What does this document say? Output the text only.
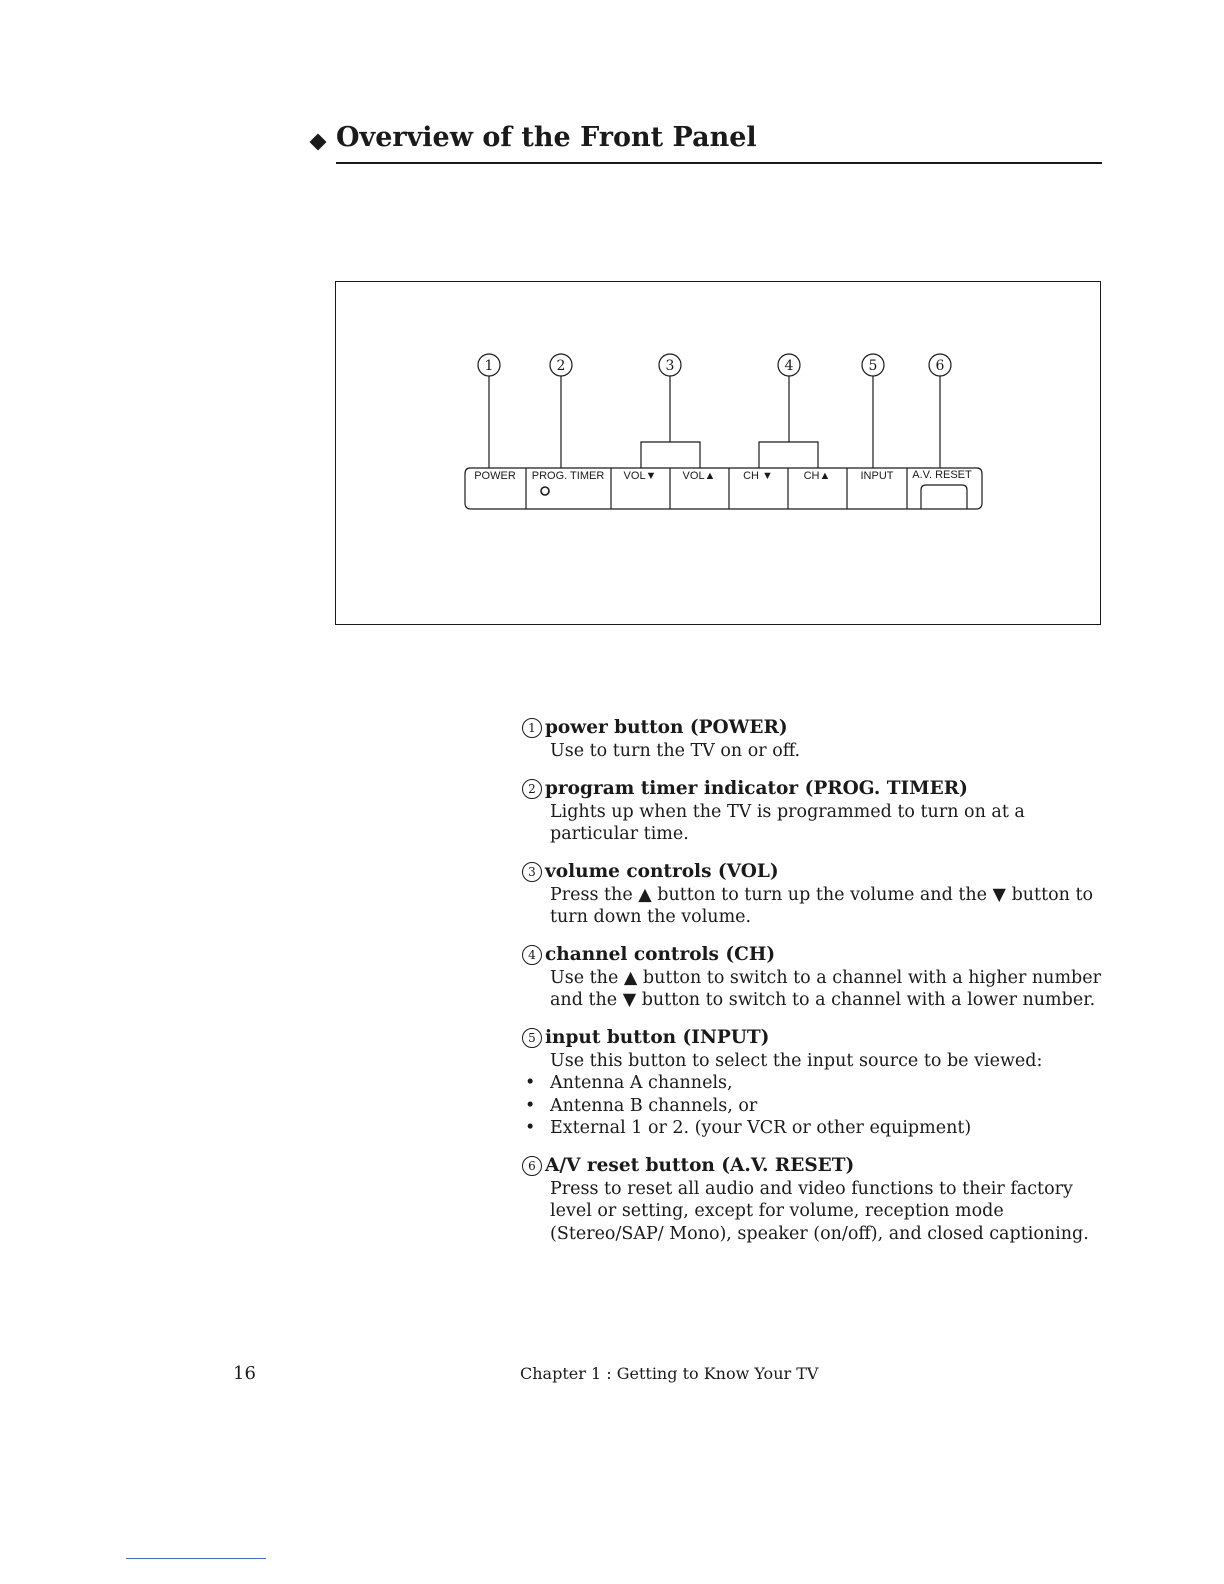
Overview of the Front Panel
1	2	3	4	5	6
POWER PROG. TIMER VOL▼ VOL▲	CH ▼	CH▲	INPUT A.V. RESET
1 power button (POWER)
Use to turn the TV on or off.
2 program timer indicator (PROG. TIMER)
Lights up when the TV is programmed to turn on at a particular time.
3 volume controls (VOL)
Press the ▲ button to turn up the volume and the ▼ button to turn down the volume.
4 channel controls (CH)
Use the ▲ button to switch to a channel with a higher number and the ▼ button to switch to a channel with a lower number.
5 input button (INPUT)
Use this button to select the input source to be viewed:
• Antenna A channels,
• Antenna B channels, or
• External 1 or 2. (your VCR or other equipment)
6 A/V reset button (A.V. RESET)
Press to reset all audio and video functions to their factory level or setting, except for volume, reception mode (Stereo/SAP/ Mono), speaker (on/off), and closed captioning.
16	Chapter 1 : Getting to Know Your TV
